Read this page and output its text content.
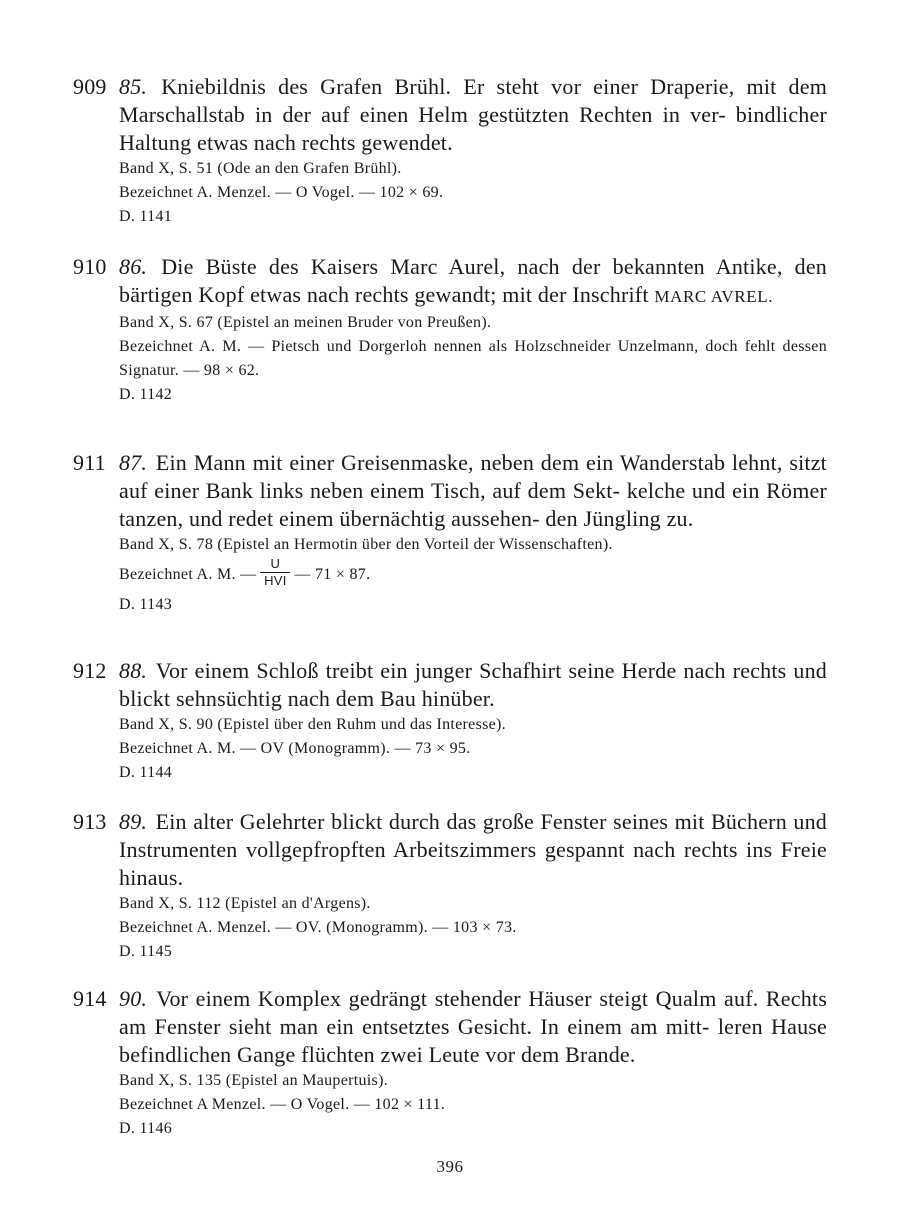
909 85. Kniebildnis des Grafen Brühl. Er steht vor einer Draperie, mit dem Marschallstab in der auf einen Helm gestützten Rechten in ver- bindlicher Haltung etwas nach rechts gewendet.

Band X, S. 51 (Ode an den Grafen Brühl).

Bezeichnet A. Menzel. — O Vogel. — 102 × 69.

D. 1141

910 86. Die Büste des Kaisers Marc Aurel, nach der bekannten Antike, den bärtigen Kopf etwas nach rechts gewandt; mit der Inschrift MARC AVREL.

Band X, S. 67 (Epistel an meinen Bruder von Preußen).

Bezeichnet A. M. — Pietsch und Dorgerloh nennen als Holzschneider Unzelmann, doch fehlt dessen Signatur. — 98 × 62.

D. 1142

911 87. Ein Mann mit einer Greisenmaske, neben dem ein Wanderstab lehnt, sitzt auf einer Bank links neben einem Tisch, auf dem Sekt- kelche und ein Römer tanzen, und redet einem übernächtig aussehen- den Jüngling zu.

Band X, S. 78 (Epistel an Hermotin über den Vorteil der Wissenschaften).

Bezeichnet A. M. —
U
HVI — 71 × 87.

D. 1143

912 88. Vor einem Schloß treibt ein junger Schafhirt seine Herde nach rechts und blickt sehnsüchtig nach dem Bau hinüber.

Band X, S. 90 (Epistel über den Ruhm und das Interesse).

Bezeichnet A. M. — OV (Monogramm). — 73 × 95.

D. 1144

913 89. Ein alter Gelehrter blickt durch das große Fenster seines mit Büchern und Instrumenten vollgepfropften Arbeitszimmers gespannt nach rechts ins Freie hinaus.

Band X, S. 112 (Epistel an d'Argens).

Bezeichnet A. Menzel. — OV. (Monogramm). — 103 × 73.

D. 1145

914 90. Vor einem Komplex gedrängt stehender Häuser steigt Qualm auf. Rechts am Fenster sieht man ein entsetztes Gesicht. In einem am mitt- leren Hause befindlichen Gange flüchten zwei Leute vor dem Brande.

Band X, S. 135 (Epistel an Maupertuis).

Bezeichnet A Menzel. — O Vogel. — 102 × 111.

D. 1146

396
